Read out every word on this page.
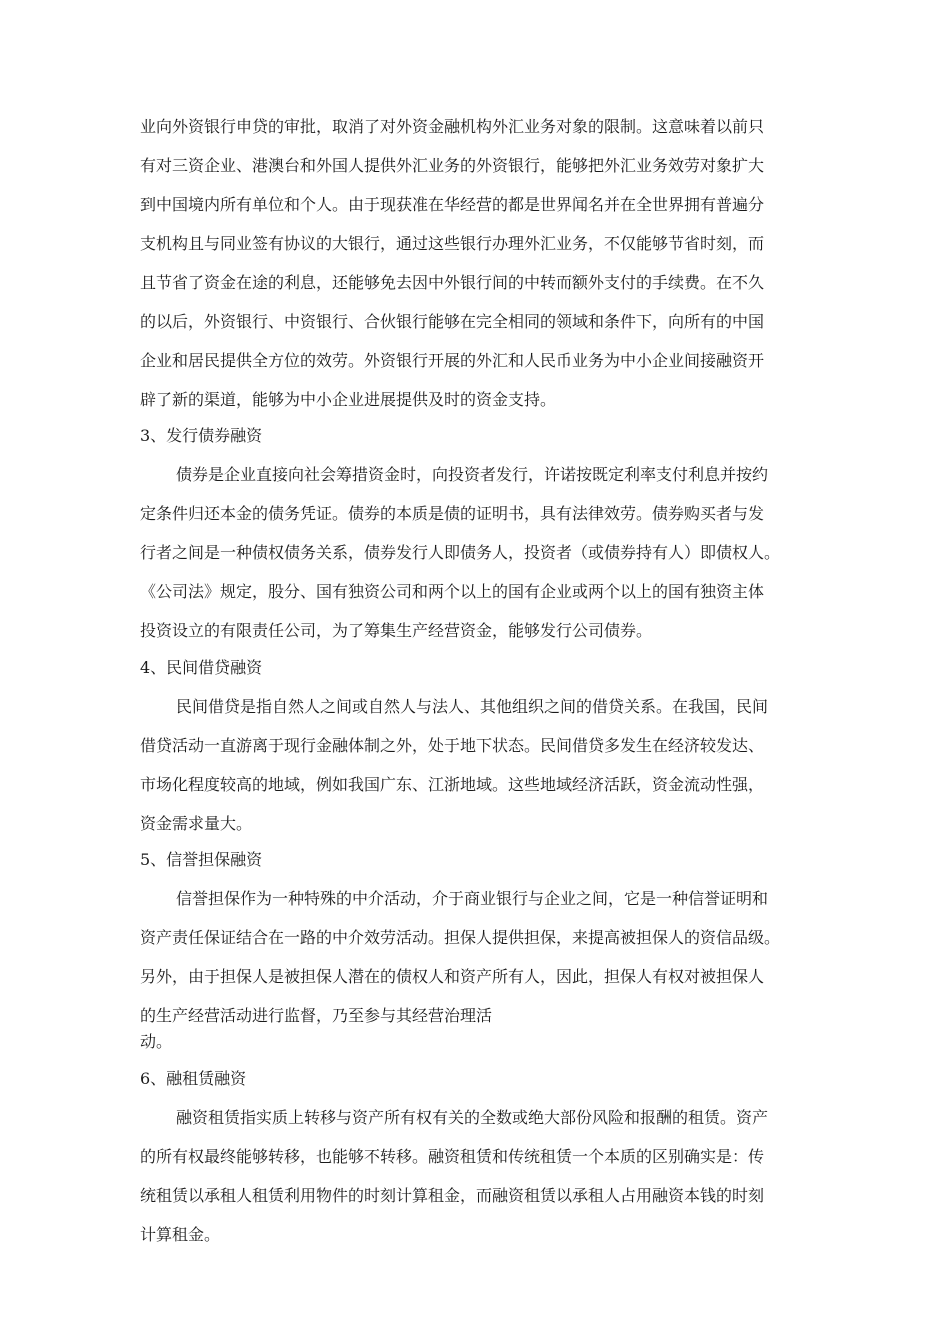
业向外资银行申贷的审批，取消了对外资金融机构外汇业务对象的限制。这意味着以前只
有对三资企业、港澳台和外国人提供外汇业务的外资银行，能够把外汇业务效劳对象扩大
到中国境内所有单位和个人。由于现获准在华经营的都是世界闻名并在全世界拥有普遍分
支机构且与同业签有协议的大银行，通过这些银行办理外汇业务，不仅能够节省时刻，而
且节省了资金在途的利息，还能够免去因中外银行间的中转而额外支付的手续费。在不久
的以后，外资银行、中资银行、合伙银行能够在完全相同的领域和条件下，向所有的中国
企业和居民提供全方位的效劳。外资银行开展的外汇和人民币业务为中小企业间接融资开
辟了新的渠道，能够为中小企业进展提供及时的资金支持。
3、发行债券融资
债券是企业直接向社会筹措资金时，向投资者发行，许诺按既定利率支付利息并按约
定条件归还本金的债务凭证。债券的本质是债的证明书，具有法律效劳。债券购买者与发
行者之间是一种债权债务关系，债券发行人即债务人，投资者（或债券持有人）即债权人。
《公司法》规定，股分、国有独资公司和两个以上的国有企业或两个以上的国有独资主体
投资设立的有限责任公司，为了筹集生产经营资金，能够发行公司债券。
4、民间借贷融资
民间借贷是指自然人之间或自然人与法人、其他组织之间的借贷关系。在我国，民间
借贷活动一直游离于现行金融体制之外，处于地下状态。民间借贷多发生在经济较发达、
市场化程度较高的地域，例如我国广东、江浙地域。这些地域经济活跃，资金流动性强，
资金需求量大。
5、信誉担保融资
信誉担保作为一种特殊的中介活动，介于商业银行与企业之间，它是一种信誉证明和
资产责任保证结合在一路的中介效劳活动。担保人提供担保，来提高被担保人的资信品级。
另外，由于担保人是被担保人潜在的债权人和资产所有人，因此，担保人有权对被担保人
的生产经营活动进行监督，乃至参与其经营治理活
动。
6、融租赁融资
融资租赁指实质上转移与资产所有权有关的全数或绝大部份风险和报酬的租赁。资产
的所有权最终能够转移，也能够不转移。融资租赁和传统租赁一个本质的区别确实是：传
统租赁以承租人租赁利用物件的时刻计算租金，而融资租赁以承租人占用融资本钱的时刻
计算租金。
